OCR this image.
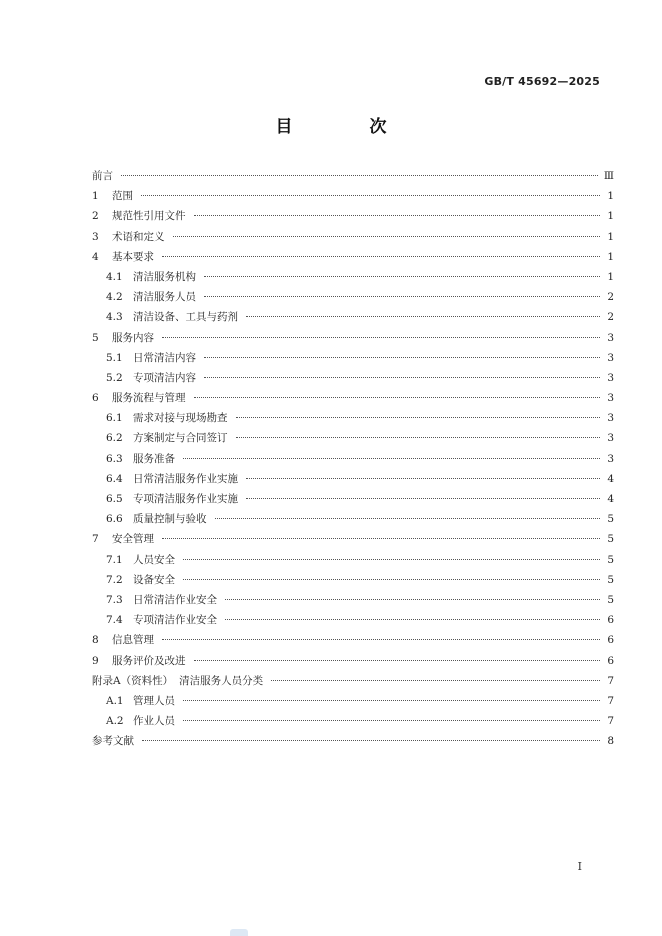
GB/T 45692—2025
目　次
前言	Ⅲ
1	范围	1
2	规范性引用文件	1
3	术语和定义	1
4	基本要求	1
4.1 清洁服务机构	1
4.2 清洁服务人员	2
4.3 清洁设备、工具与药剂	2
5	服务内容	3
5.1 日常清洁内容	3
5.2 专项清洁内容	3
6	服务流程与管理	3
6.1 需求对接与现场勘查	3
6.2 方案制定与合同签订	3
6.3 服务准备	3
6.4 日常清洁服务作业实施	4
6.5 专项清洁服务作业实施	4
6.6 质量控制与验收	5
7	安全管理	5
7.1 人员安全	5
7.2 设备安全	5
7.3 日常清洁作业安全	5
7.4 专项清洁作业安全	6
8	信息管理	6
9	服务评价及改进	6
附录A（资料性） 清洁服务人员分类	7
A.1 管理人员	7
A.2 作业人员	7
参考文献	8
Ⅰ
